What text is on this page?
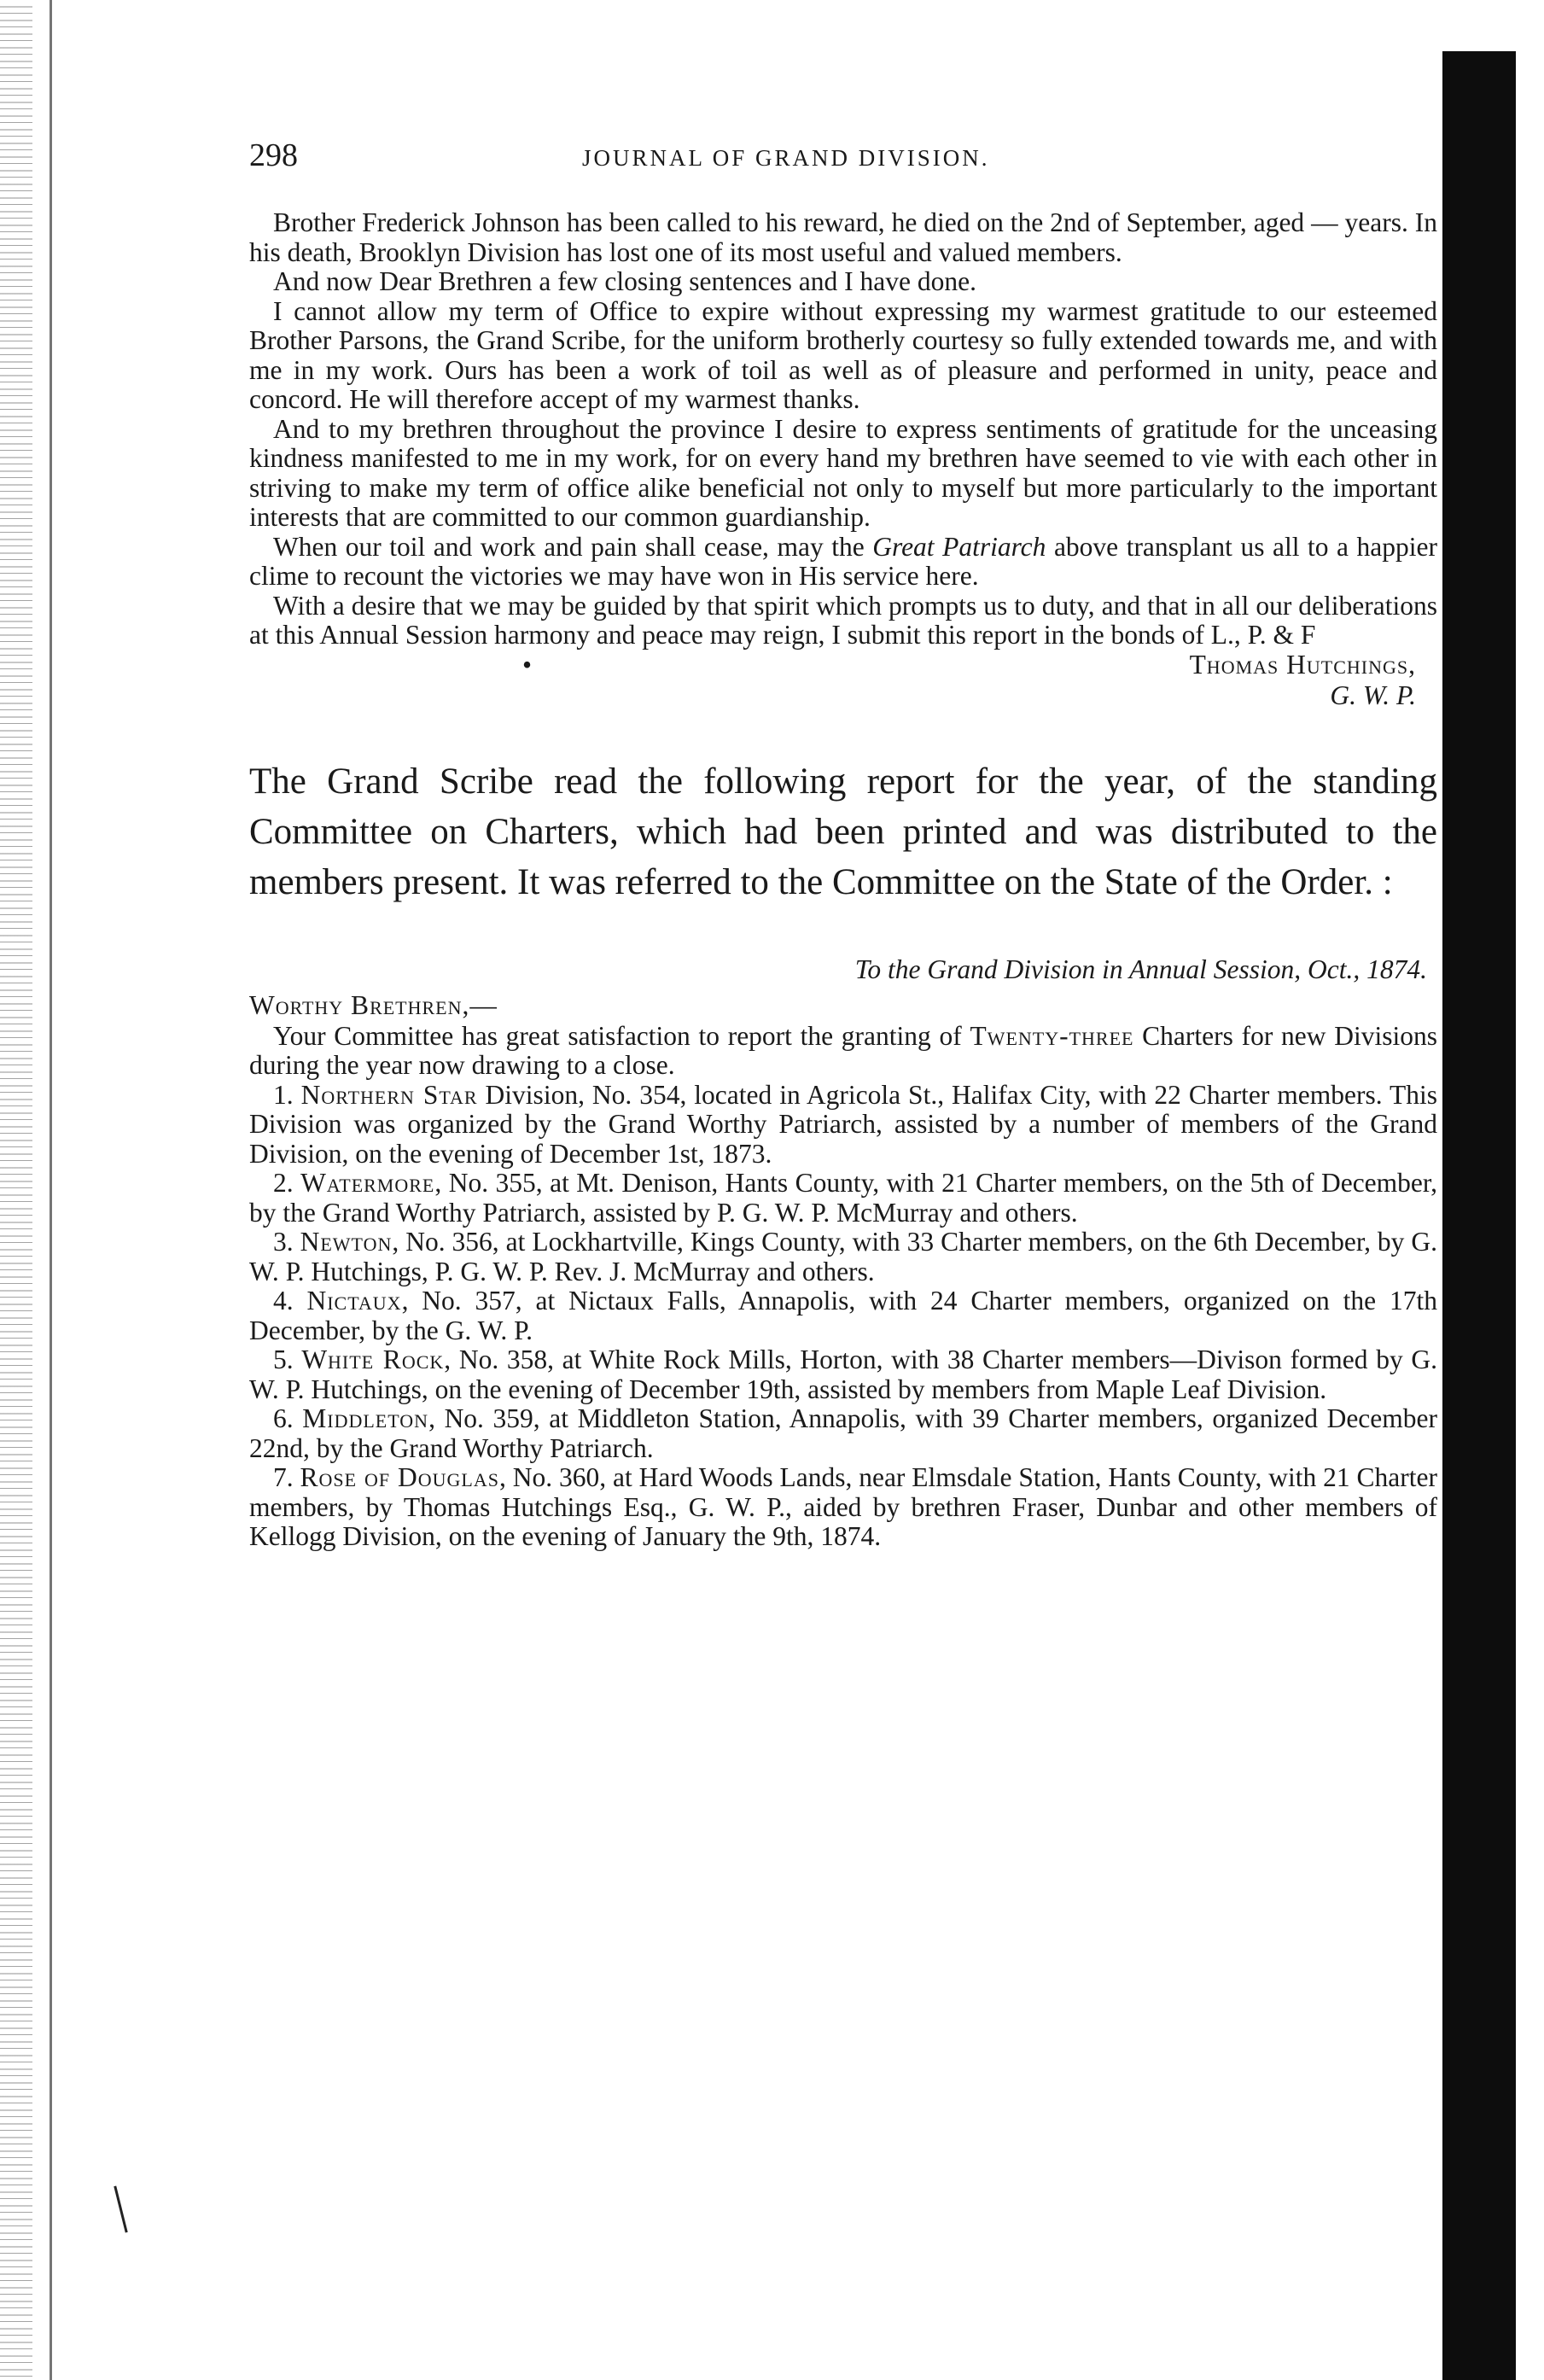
298	JOURNAL OF GRAND DIVISION.

Brother Frederick Johnson has been called to his reward, he died on the 2nd of September, aged — years. In his death, Brooklyn Division has lost one of its most useful and valued members.

And now Dear Brethren a few closing sentences and I have done.

I cannot allow my term of Office to expire without expressing my warmest gratitude to our esteemed Brother Parsons, the Grand Scribe, for the uniform brotherly courtesy so fully extended towards me, and with me in my work. Ours has been a work of toil as well as of pleasure and performed in unity, peace and concord. He will therefore accept of my warmest thanks.

And to my brethren throughout the province I desire to express sentiments of gratitude for the unceasing kindness manifested to me in my work, for on every hand my brethren have seemed to vie with each other in striving to make my term of office alike beneficial not only to myself but more particularly to the important interests that are committed to our common guardianship.

When our toil and work and pain shall cease, may the Great Patriarch above transplant us all to a happier clime to recount the victories we may have won in His service here.

With a desire that we may be guided by that spirit which prompts us to duty, and that in all our deliberations at this Annual Session harmony and peace may reign, I submit this report in the bonds of L., P. & F

•	Thomas Hutchings,
G. W. P.

The Grand Scribe read the following report for the year, of the standing Committee on Charters, which had been printed and was distributed to the members present. It was referred to the Committee on the State of the Order. :

To the Grand Division in Annual Session, Oct., 1874.

Worthy Brethren,—

Your Committee has great satisfaction to report the granting of Twenty-three Charters for new Divisions during the year now drawing to a close.

1. Northern Star Division, No. 354, located in Agricola St., Halifax City, with 22 Charter members. This Division was organized by the Grand Worthy Patriarch, assisted by a number of members of the Grand Division, on the evening of December 1st, 1873.

2. Watermore, No. 355, at Mt. Denison, Hants County, with 21 Charter members, on the 5th of December, by the Grand Worthy Patriarch, assisted by P. G. W. P. McMurray and others.

3. Newton, No. 356, at Lockhartville, Kings County, with 33 Charter members, on the 6th December, by G. W. P. Hutchings, P. G. W. P. Rev. J. McMurray and others.

4. Nictaux, No. 357, at Nictaux Falls, Annapolis, with 24 Charter members, organized on the 17th December, by the G. W. P.

5. White Rock, No. 358, at White Rock Mills, Horton, with 38 Charter members—Divison formed by G. W. P. Hutchings, on the evening of December 19th, assisted by members from Maple Leaf Division.

6. Middleton, No. 359, at Middleton Station, Annapolis, with 39 Charter members, organized December 22nd, by the Grand Worthy Patriarch.

7. Rose of Douglas, No. 360, at Hard Woods Lands, near Elmsdale Station, Hants County, with 21 Charter members, by Thomas Hutchings Esq., G. W. P., aided by brethren Fraser, Dunbar and other members of Kellogg Division, on the evening of January the 9th, 1874.
